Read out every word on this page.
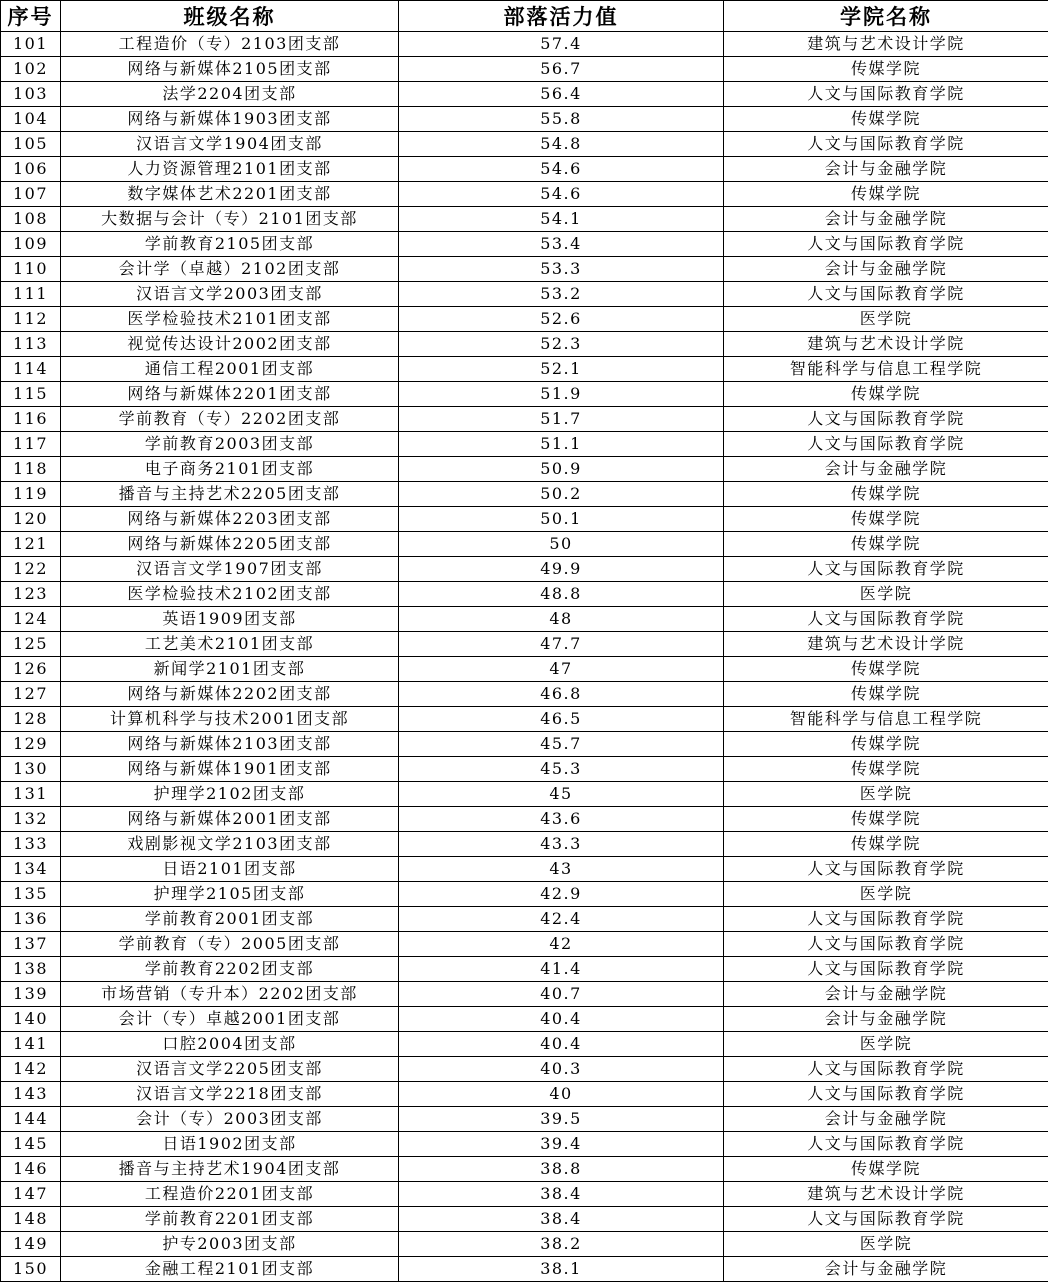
序号	班级名称	部落活力值	学院名称
101	工程造价（专）2103团支部	57.4	建筑与艺术设计学院
102	网络与新媒体2105团支部	56.7	传媒学院
103	法学2204团支部	56.4	人文与国际教育学院
104	网络与新媒体1903团支部	55.8	传媒学院
105	汉语言文学1904团支部	54.8	人文与国际教育学院
106	人力资源管理2101团支部	54.6	会计与金融学院
107	数字媒体艺术2201团支部	54.6	传媒学院
108	大数据与会计（专）2101团支部	54.1	会计与金融学院
109	学前教育2105团支部	53.4	人文与国际教育学院
110	会计学（卓越）2102团支部	53.3	会计与金融学院
111	汉语言文学2003团支部	53.2	人文与国际教育学院
112	医学检验技术2101团支部	52.6	医学院
113	视觉传达设计2002团支部	52.3	建筑与艺术设计学院
114	通信工程2001团支部	52.1	智能科学与信息工程学院
115	网络与新媒体2201团支部	51.9	传媒学院
116	学前教育（专）2202团支部	51.7	人文与国际教育学院
117	学前教育2003团支部	51.1	人文与国际教育学院
118	电子商务2101团支部	50.9	会计与金融学院
119	播音与主持艺术2205团支部	50.2	传媒学院
120	网络与新媒体2203团支部	50.1	传媒学院
121	网络与新媒体2205团支部	50	传媒学院
122	汉语言文学1907团支部	49.9	人文与国际教育学院
123	医学检验技术2102团支部	48.8	医学院
124	英语1909团支部	48	人文与国际教育学院
125	工艺美术2101团支部	47.7	建筑与艺术设计学院
126	新闻学2101团支部	47	传媒学院
127	网络与新媒体2202团支部	46.8	传媒学院
128	计算机科学与技术2001团支部	46.5	智能科学与信息工程学院
129	网络与新媒体2103团支部	45.7	传媒学院
130	网络与新媒体1901团支部	45.3	传媒学院
131	护理学2102团支部	45	医学院
132	网络与新媒体2001团支部	43.6	传媒学院
133	戏剧影视文学2103团支部	43.3	传媒学院
134	日语2101团支部	43	人文与国际教育学院
135	护理学2105团支部	42.9	医学院
136	学前教育2001团支部	42.4	人文与国际教育学院
137	学前教育（专）2005团支部	42	人文与国际教育学院
138	学前教育2202团支部	41.4	人文与国际教育学院
139	市场营销（专升本）2202团支部	40.7	会计与金融学院
140	会计（专）卓越2001团支部	40.4	会计与金融学院
141	口腔2004团支部	40.4	医学院
142	汉语言文学2205团支部	40.3	人文与国际教育学院
143	汉语言文学2218团支部	40	人文与国际教育学院
144	会计（专）2003团支部	39.5	会计与金融学院
145	日语1902团支部	39.4	人文与国际教育学院
146	播音与主持艺术1904团支部	38.8	传媒学院
147	工程造价2201团支部	38.4	建筑与艺术设计学院
148	学前教育2201团支部	38.4	人文与国际教育学院
149	护专2003团支部	38.2	医学院
150	金融工程2101团支部	38.1	会计与金融学院
